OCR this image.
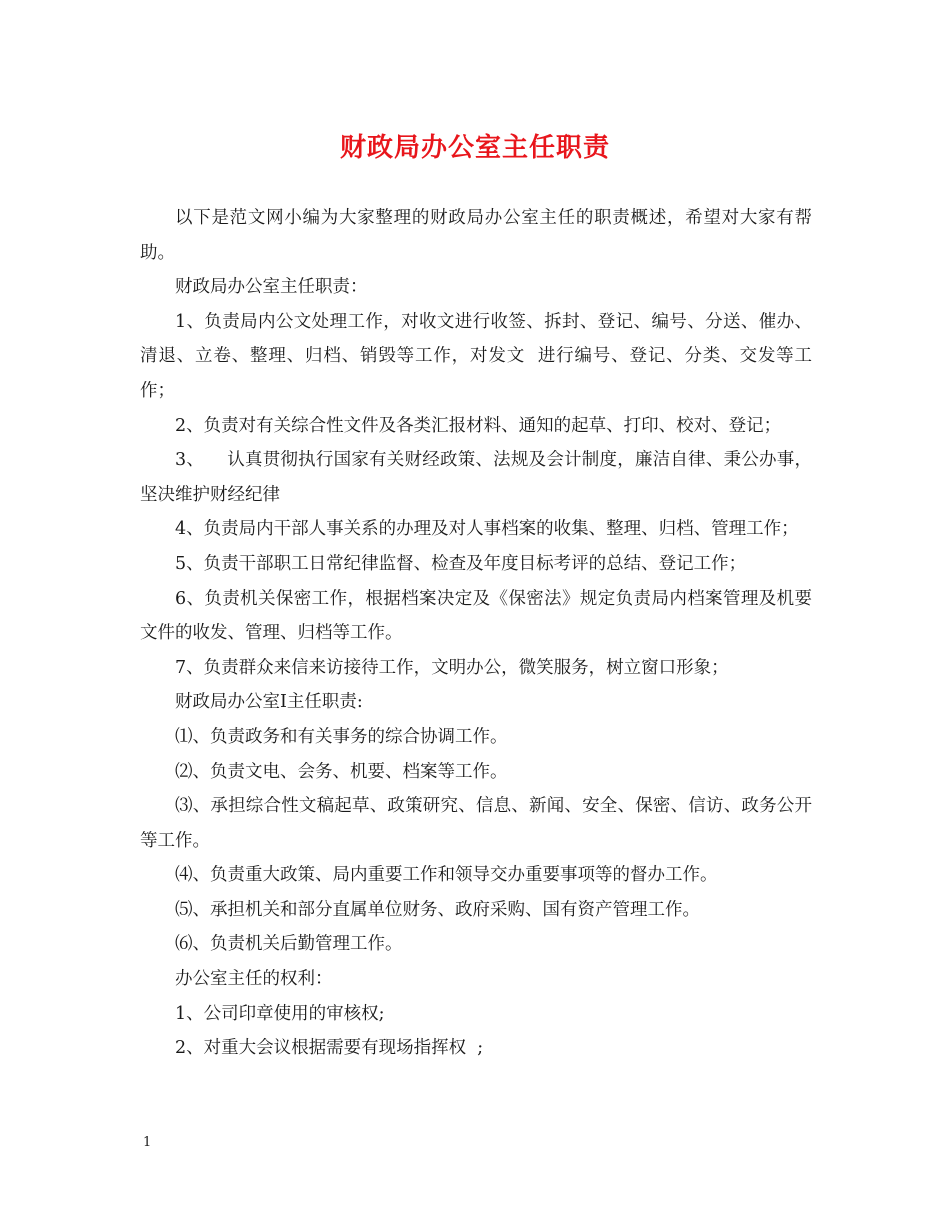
财政局办公室主任职责

以下是范文网小编为大家整理的财政局办公室主任的职责概述，希望对大家有帮助。

财政局办公室主任职责：

1、负责局内公文处理工作，对收文进行收签、拆封、登记、编号、分送、催办、清退、立卷、整理、归档、销毁等工作，对发文  进行编号、登记、分类、交发等工作；

2、负责对有关综合性文件及各类汇报材料、通知的起草、打印、校对、登记；

3、    认真贯彻执行国家有关财经政策、法规及会计制度，廉洁自律、秉公办事，坚决维护财经纪律

4、负责局内干部人事关系的办理及对人事档案的收集、整理、归档、管理工作；

5、负责干部职工日常纪律监督、检查及年度目标考评的总结、登记工作；

6、负责机关保密工作，根据档案决定及《保密法》规定负责局内档案管理及机要文件的收发、管理、归档等工作。

7、负责群众来信来访接待工作，文明办公，微笑服务，树立窗口形象；

财政局办公室Ⅰ主任职责:

⑴、负责政务和有关事务的综合协调工作。

⑵、负责文电、会务、机要、档案等工作。

⑶、承担综合性文稿起草、政策研究、信息、新闻、安全、保密、信访、政务公开等工作。

⑷、负责重大政策、局内重要工作和领导交办重要事项等的督办工作。

⑸、承担机关和部分直属单位财务、政府采购、国有资产管理工作。

⑹、负责机关后勤管理工作。

办公室主任的权利：

1、公司印章使用的审核权;

2、对重大会议根据需要有现场指挥权  ;

1
